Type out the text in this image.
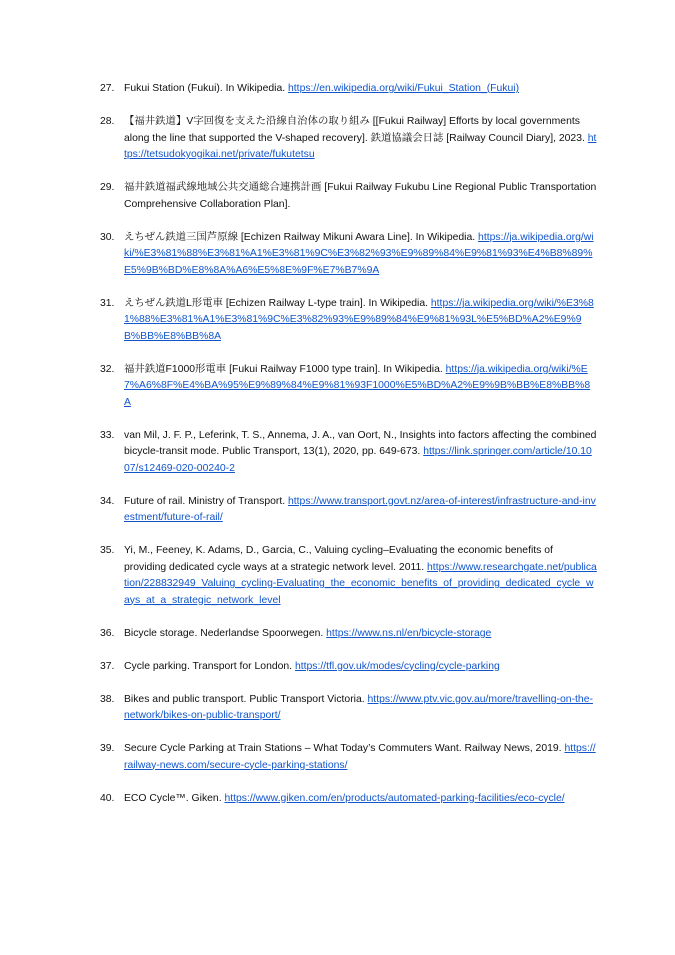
27. Fukui Station (Fukui). In Wikipedia. https://en.wikipedia.org/wiki/Fukui_Station_(Fukui)
28. 【福井鉄道】V字回復を支えた沿線自治体の取り組み [[Fukui Railway] Efforts by local governments along the line that supported the V-shaped recovery]. 鉄道協議会日誌 [Railway Council Diary], 2023. https://tetsudokyogikai.net/private/fukutetsu
29. 福井鉄道福武線地域公共交通総合連携計画 [Fukui Railway Fukubu Line Regional Public Transportation Comprehensive Collaboration Plan].
30. えちぜん鉄道三国芦原線 [Echizen Railway Mikuni Awara Line]. In Wikipedia. https://ja.wikipedia.org/wiki/%E3%81%88%E3%81%A1%E3%81%9C%E3%82%93%E9%89%84%E9%81%93%E4%B8%89%E5%9B%BD%E8%8A%A6%E5%8E%9F%E7%B7%9A
31. えちぜん鉄道L形電車 [Echizen Railway L-type train]. In Wikipedia. https://ja.wikipedia.org/wiki/%E3%81%88%E3%81%A1%E3%81%9C%E3%82%93%E9%89%84%E9%81%93L%E5%BD%A2%E9%9B%BB%E8%BB%8A
32. 福井鉄道F1000形電車 [Fukui Railway F1000 type train]. In Wikipedia. https://ja.wikipedia.org/wiki/%E7%A6%8F%E4%BA%95%E9%89%84%E9%81%93F1000%E5%BD%A2%E9%9B%BB%E8%BB%8A
33. van Mil, J. F. P., Leferink, T. S., Annema, J. A., van Oort, N., Insights into factors affecting the combined bicycle-transit mode. Public Transport, 13(1), 2020, pp. 649-673. https://link.springer.com/article/10.1007/s12469-020-00240-2
34. Future of rail. Ministry of Transport. https://www.transport.govt.nz/area-of-interest/infrastructure-and-investment/future-of-rail/
35. Yi, M., Feeney, K. Adams, D., Garcia, C., Valuing cycling–Evaluating the economic benefits of providing dedicated cycle ways at a strategic network level. 2011. https://www.researchgate.net/publication/228832949_Valuing_cycling-Evaluating_the_economic_benefits_of_providing_dedicated_cycle_ways_at_a_strategic_network_level
36. Bicycle storage. Nederlandse Spoorwegen. https://www.ns.nl/en/bicycle-storage
37. Cycle parking. Transport for London. https://tfl.gov.uk/modes/cycling/cycle-parking
38. Bikes and public transport. Public Transport Victoria. https://www.ptv.vic.gov.au/more/travelling-on-the-network/bikes-on-public-transport/
39. Secure Cycle Parking at Train Stations – What Today’s Commuters Want. Railway News, 2019. https://railway-news.com/secure-cycle-parking-stations/
40. ECO Cycle™. Giken. https://www.giken.com/en/products/automated-parking-facilities/eco-cycle/
